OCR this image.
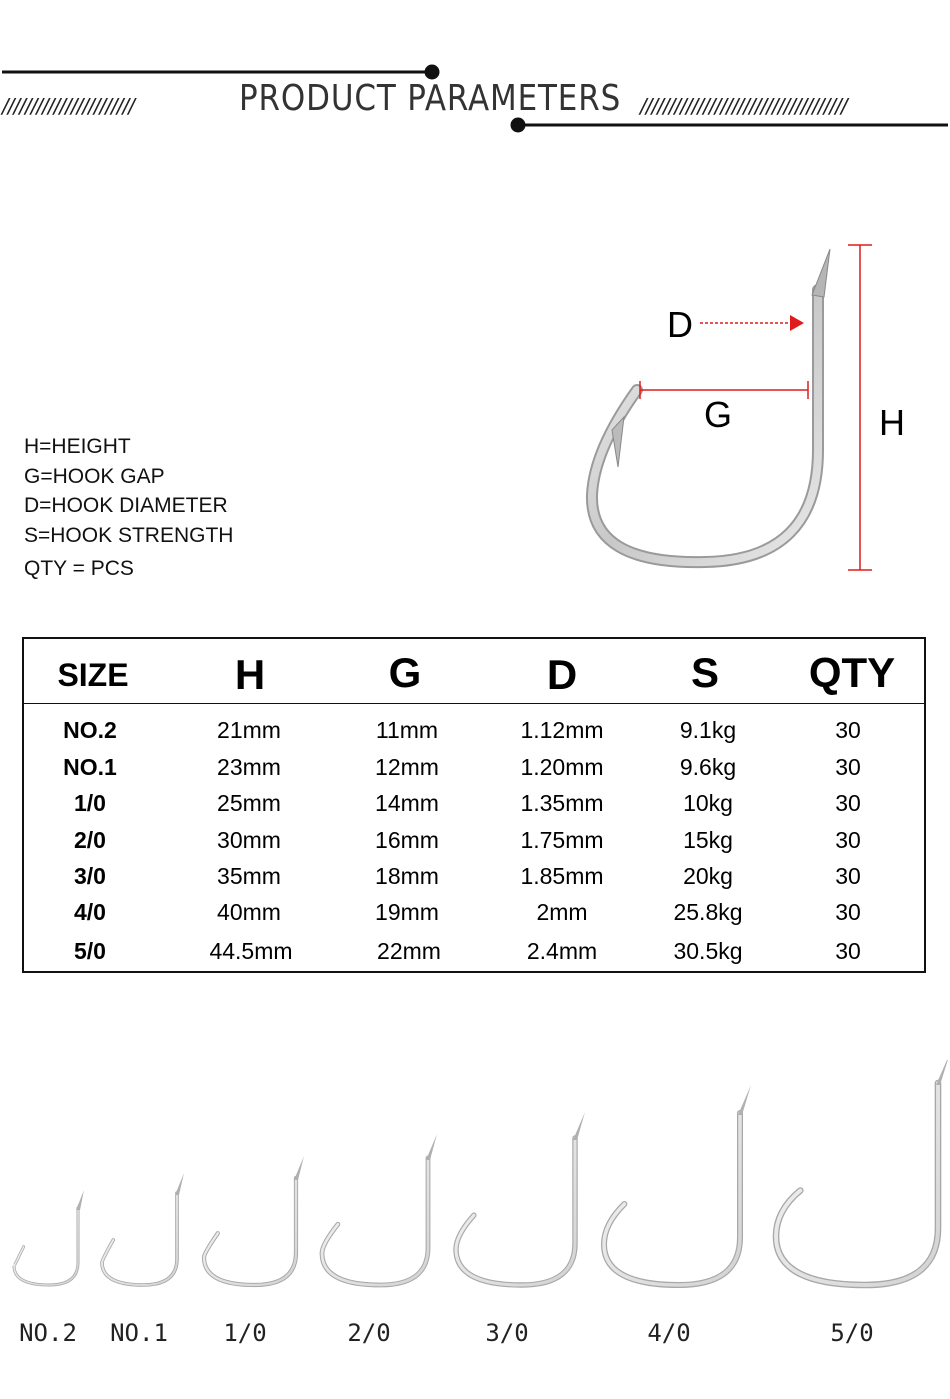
///////////////////////	PRODUCT PARAMETERS ////////////////////////////////////
H=HEIGHT
G=HOOK GAP
D=HOOK DIAMETER
S=HOOK STRENGTH
QTY = PCS
D
G	H
SIZE	H	G	D	S	QTY
NO.2	21mm	11mm	1.12mm	9.1kg	30
NO.1	23mm	12mm	1.20mm	9.6kg	30
1/0	25mm	14mm	1.35mm	10kg	30
2/0	30mm	16mm	1.75mm	15kg	30
3/0	35mm	18mm	1.85mm	20kg	30
4/0	40mm	19mm	2mm	25.8kg	30
5/0	44.5mm	22mm	2.4mm	30.5kg	30
NO.2	NO.1	1/0	2/0	3/0	4/0	5/0
